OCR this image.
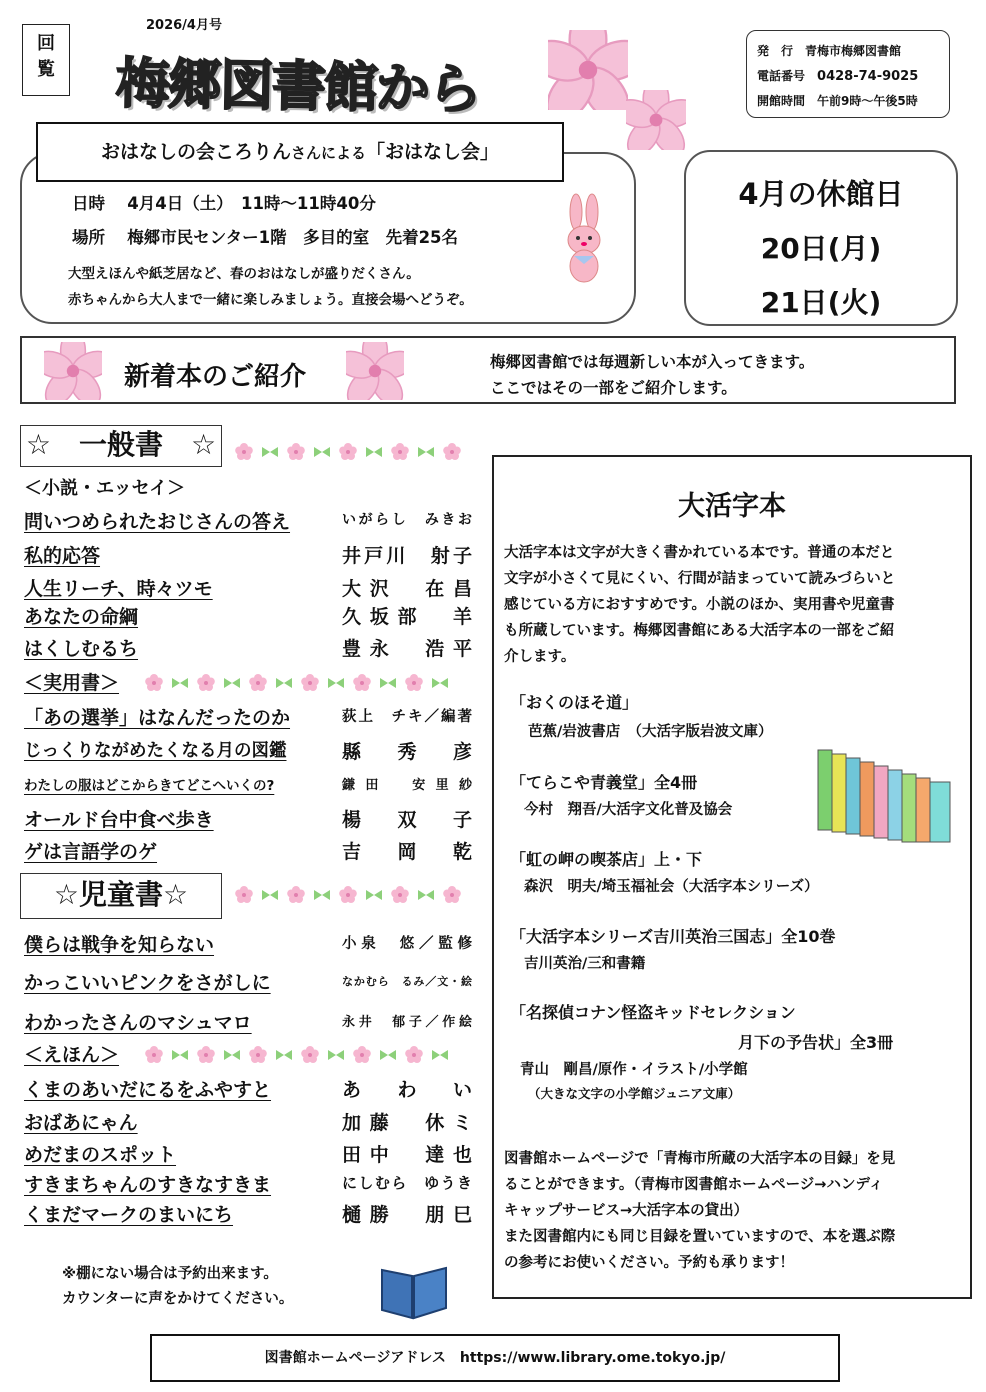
回
覧
2026/4月号
梅郷図書館から
発　行　 青梅市梅郷図書館
電話番号　 0428-74-9025
開館時間　 午前9時～午後5時
おはなしの会ころりんさんによる「おはなし会」
日時　 4月4日（土）　11時～11時40分
場所　 梅郷市民センター1階　多目的室　先着25名
大型えほんや紙芝居など、春のおはなしが盛りだくさん。
赤ちゃんから大人まで一緒に楽しみましょう。直接会場へどうぞ。
4月の休館日
20日(月)
21日(火)
新着本のご紹介	梅郷図書館では毎週新しい本が入ってきます。
ここではその一部をご紹介します。
☆　一般書　☆
＜小説・エッセイ＞
問いつめられたおじさんの答え	いがらし　みきお
私的応答	井戸川　射子
人生リーチ、時々ツモ	大沢　在昌
あなたの命綱	久坂部　羊
はくしむるち	豊永　浩平
＜実用書＞
「あの選挙」はなんだったのか	荻上　チキ／編著
じっくりながめたくなる月の図鑑	縣　秀　彦
わたしの服はどこからきてどこへいくの?	鎌田　安里紗
オールド台中食べ歩き	楊　双　子
ゲは言語学のゲ	吉　岡　乾
☆児童書☆
僕らは戦争を知らない	小泉　悠／監修
かっこいいピンクをさがしに	なかむら　るみ／文・絵
わかったさんのマシュマロ	永井　郁子／作絵
＜えほん＞
くまのあいだにるをふやすと	あ　わ　い
おばあにゃん	加藤　休ミ
めだまのスポット	田中　達也
すきまちゃんのすきなすきま	にしむら　ゆうき
くまだマークのまいにち	樋勝　朋巳
※棚にない場合は予約出来ます。
カウンターに声をかけてください。
大活字本
大活字本は文字が大きく書かれている本です。普通の本だと
文字が小さくて見にくい、行間が詰まっていて読みづらいと
感じている方におすすめです。小説のほか、実用書や児童書
も所蔵しています。梅郷図書館にある大活字本の一部をご紹
介します。
「おくのほそ道」
芭蕉/岩波書店　（大活字版岩波文庫）
「てらこや青義堂」全4冊
今村　翔吾/大活字文化普及協会
「虹の岬の喫茶店」上・下
森沢　明夫/埼玉福祉会（大活字本シリーズ）
「大活字本シリーズ吉川英治三国志」全10巻
吉川英治/三和書籍
「名探偵コナン怪盗キッドセレクション
月下の予告状」全3冊
青山　剛昌/原作・イラスト/小学館
（大きな文字の小学館ジュニア文庫）
図書館ホームページで「青梅市所蔵の大活字本の目録」を見
ることができます。（青梅市図書館ホームページ→ハンディ
キャップサービス→大活字本の貸出）
また図書館内にも同じ目録を置いていますので、本を選ぶ際
の参考にお使いください。予約も承ります！
図書館ホームページアドレス　https://www.library.ome.tokyo.jp/
